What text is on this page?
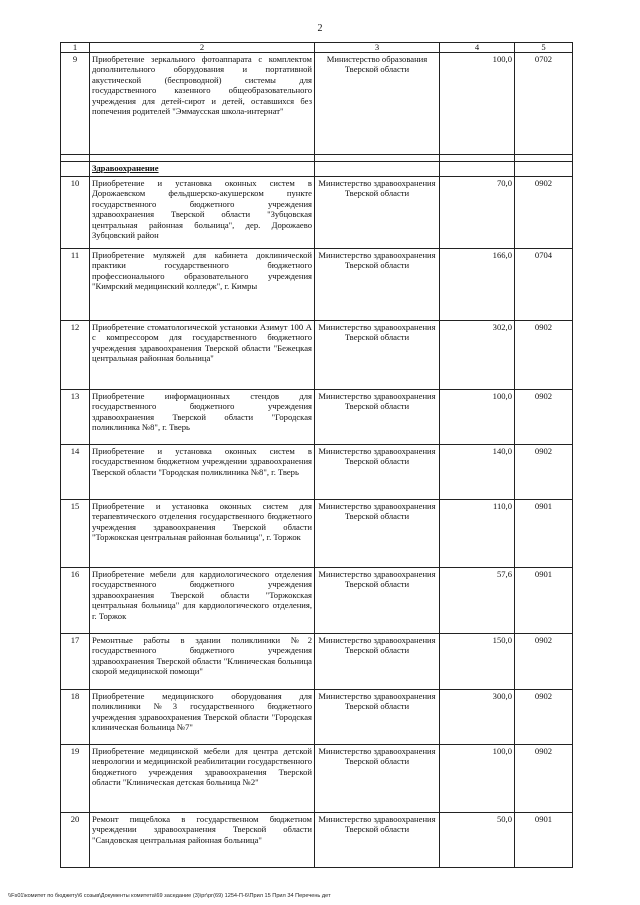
2
1	2	3	4	5
9	Приобретение зеркального фотоаппарата с комплектом дополнительного оборудования и портативной акустической (беспроводной) системы для государственного казенного общеобразовательного учреждения для детей-сирот и детей, оставшихся без попечения родителей "Эммаусская школа-интернат"	Министерство образования Тверской области	100,0	0702

	Здравоохранение			
10	Приобретение и установка оконных систем в Дорожаевском фельдшерско-акушерском пункте государственного бюджетного учреждения здравоохранения Тверской области "Зубцовская центральная районная больница", дер. Дорожаево Зубцовский район	Министерство здравоохранения Тверской области	70,0	0902
11	Приобретение муляжей для кабинета доклинической практики государственного бюджетного профессионального образовательного учреждения "Кимрский медицинский колледж", г. Кимры	Министерство здравоохранения Тверской области	166,0	0704
12	Приобретение стоматологической установки Азимут 100 А с компрессором для государственного бюджетного учреждения здравоохранения Тверской области "Бежецкая центральная районная больница"	Министерство здравоохранения Тверской области	302,0	0902
13	Приобретение информационных стендов для государственного бюджетного учреждения здравоохранения Тверской области "Городская поликлиника №8", г. Тверь	Министерство здравоохранения Тверской области	100,0	0902
14	Приобретение и установка оконных систем в государственном бюджетном учреждении здравоохранения Тверской области "Городская поликлиника №8", г. Тверь	Министерство здравоохранения Тверской области	140,0	0902
15	Приобретение и установка оконных систем для терапевтического отделения государственного бюджетного учреждения здравоохранения Тверской области "Торжокская центральная районная больница", г. Торжок	Министерство здравоохранения Тверской области	110,0	0901
16	Приобретение мебели для кардиологического отделения государственного бюджетного учреждения здравоохранения Тверской области "Торжокская центральная больница" для кардиологического отделения, г. Торжок	Министерство здравоохранения Тверской области	57,6	0901
17	Ремонтные работы в здании поликлиники №2 государственного бюджетного учреждения здравоохранения Тверской области "Клиническая больница скорой медицинской помощи"	Министерство здравоохранения Тверской области	150,0	0902
18	Приобретение медицинского оборудования для поликлиники №3 государственного бюджетного учреждения здравоохранения Тверской области "Городская клиническая больница №7"	Министерство здравоохранения Тверской области	300,0	0902
19	Приобретение медицинской мебели для центра детской неврологии и медицинской реабилитации государственного бюджетного учреждения здравоохранения Тверской области "Клиническая детская больница №2"	Министерство здравоохранения Тверской области	100,0	0902
20	Ремонт пищеблока в государственном бюджетном учреждении здравоохранения Тверской области "Сандовская центральная районная больница"	Министерство здравоохранения Тверской области	50,0	0901
\\Fs01\комитет по бюджету\6 созыв\Документы комитета\69 заседание (3)\рг\рг(69) 1254-П-6\Прил 15 Прил 34 Перечень дет
